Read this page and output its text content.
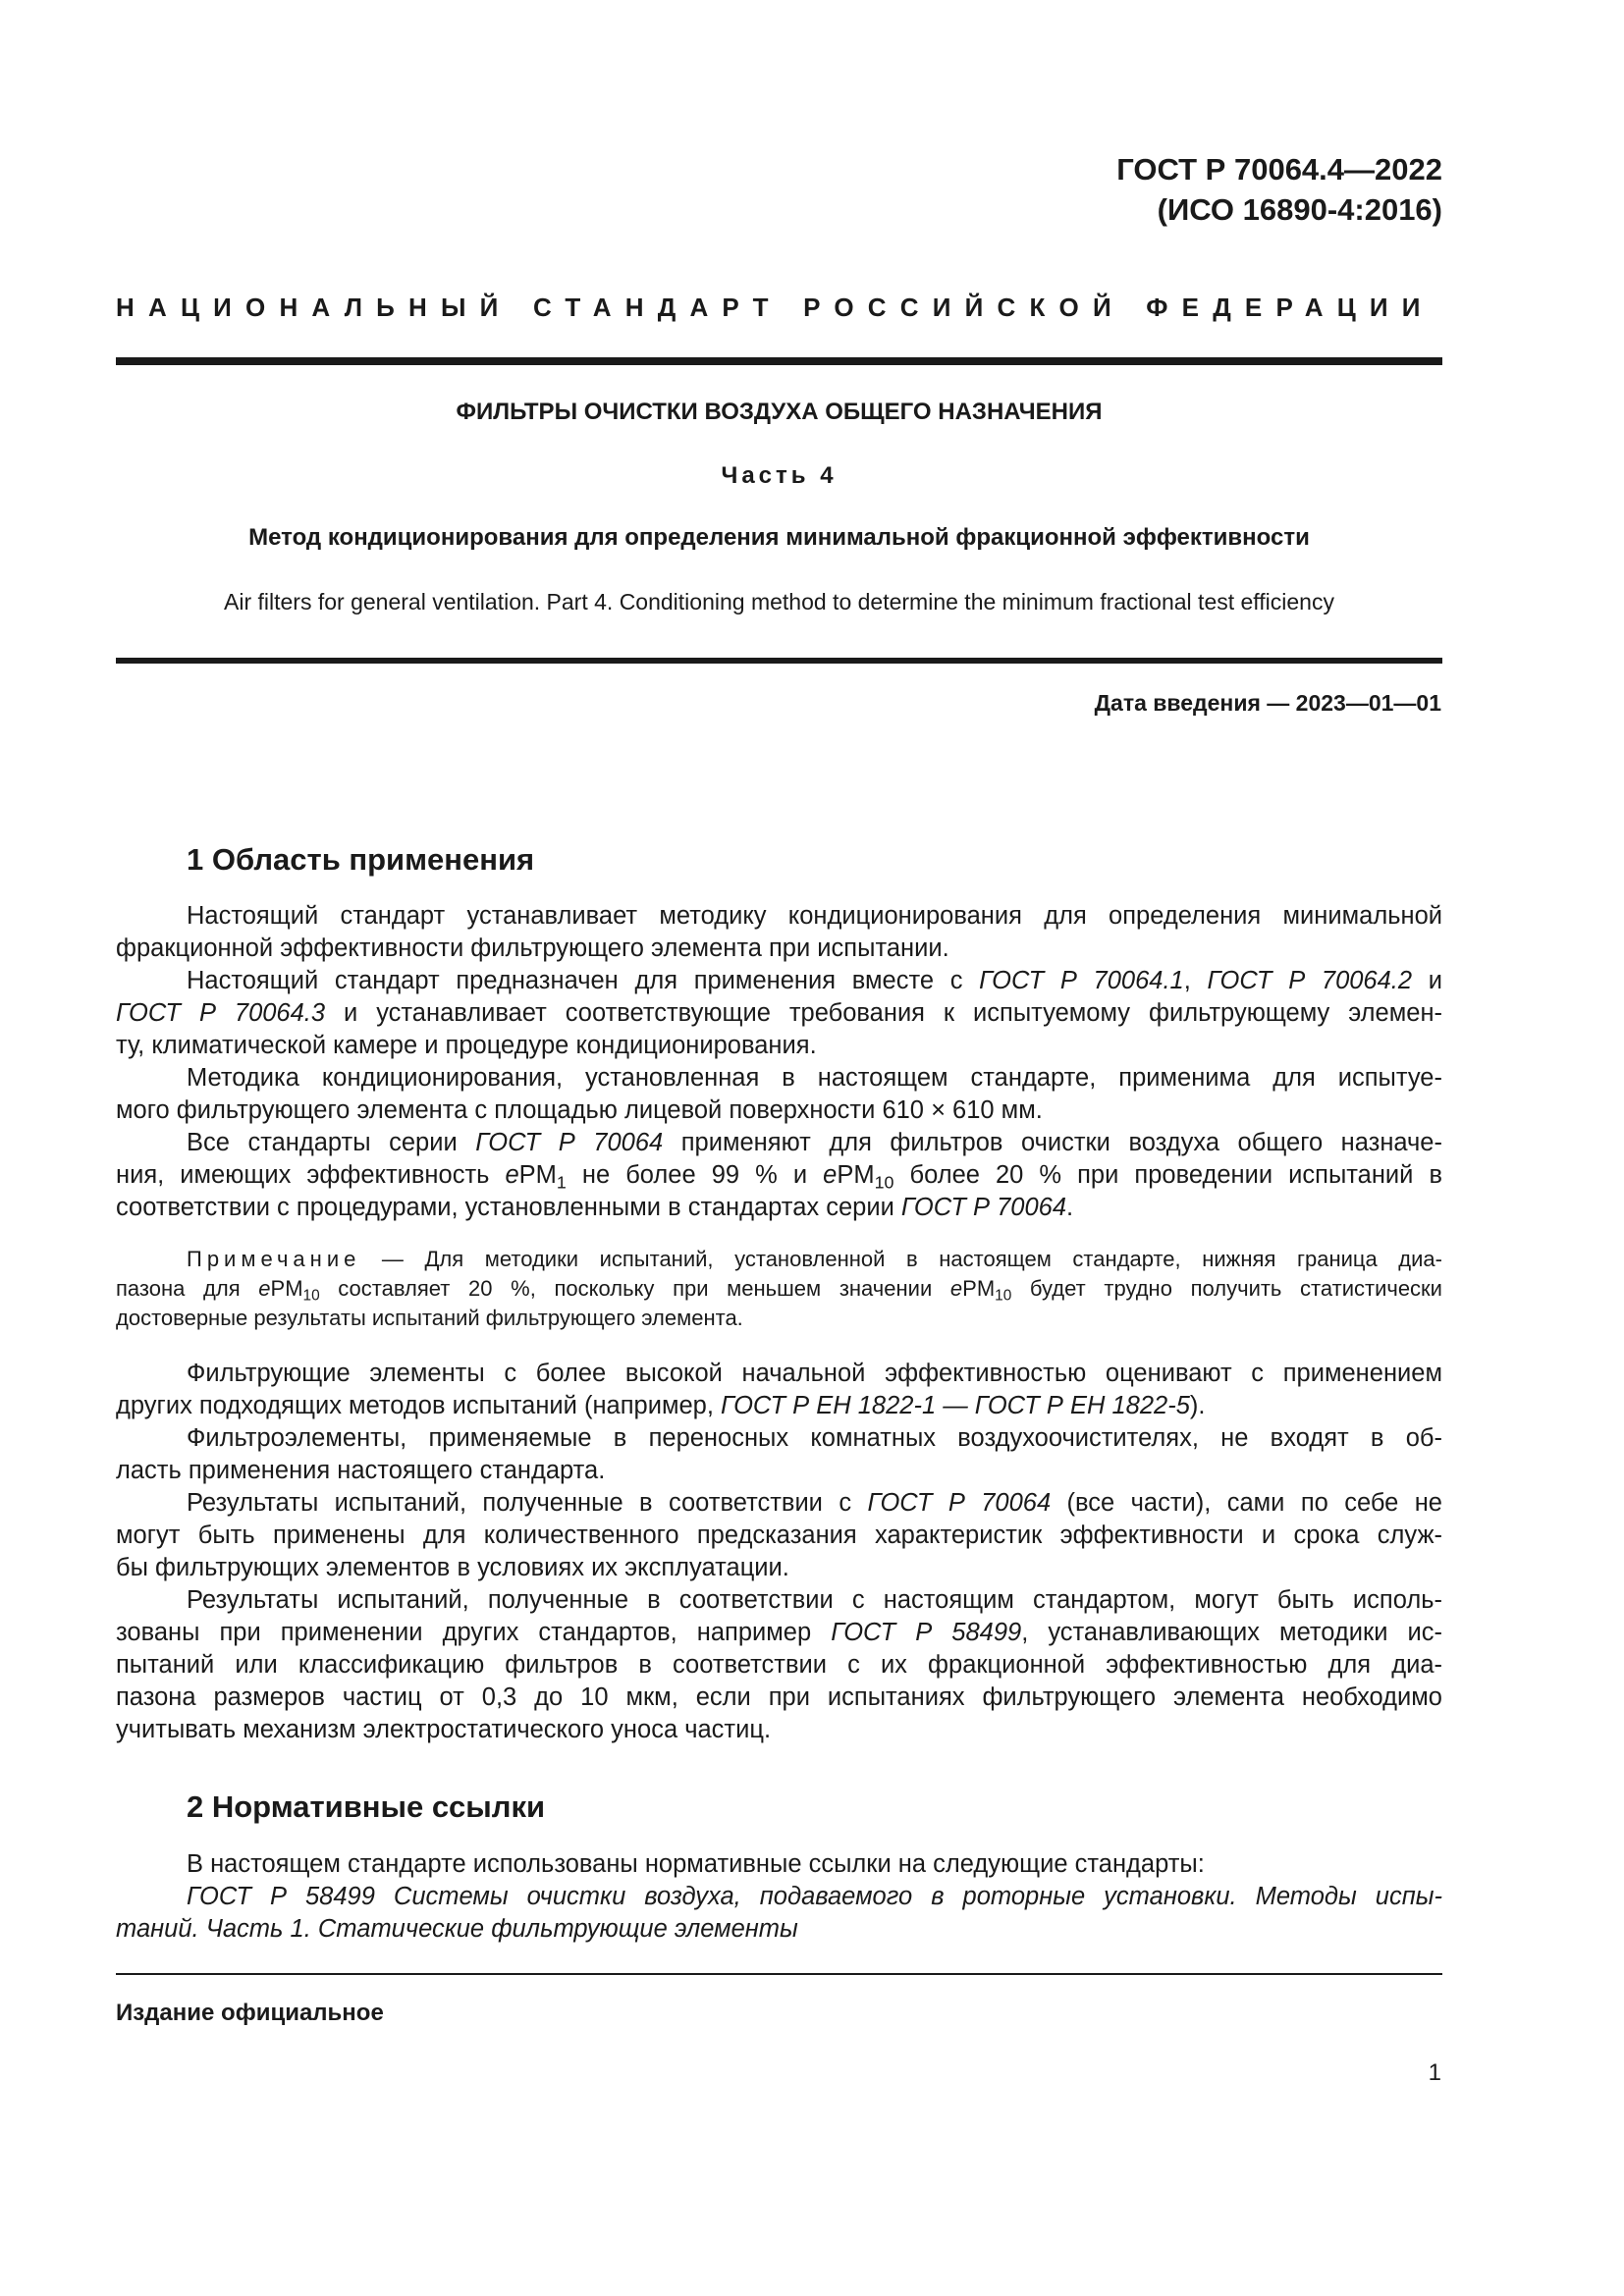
ГОСТ Р 70064.4—2022
(ИСО 16890-4:2016)
НАЦИОНАЛЬНЫЙ СТАНДАРТ РОССИЙСКОЙ ФЕДЕРАЦИИ
ФИЛЬТРЫ ОЧИСТКИ ВОЗДУХА ОБЩЕГО НАЗНАЧЕНИЯ
Часть 4
Метод кондиционирования для определения минимальной фракционной эффективности
Air filters for general ventilation. Part 4. Conditioning method to determine the minimum fractional test efficiency
Дата введения — 2023—01—01
1 Область применения
Настоящий стандарт устанавливает методику кондиционирования для определения минимальной
фракционной эффективности фильтрующего элемента при испытании.
Настоящий стандарт предназначен для применения вместе с ГОСТ Р 70064.1, ГОСТ Р 70064.2 и
ГОСТ Р 70064.3 и устанавливает соответствующие требования к испытуемому фильтрующему элемен-
ту, климатической камере и процедуре кондиционирования.
Методика кондиционирования, установленная в настоящем стандарте, применима для испытуе-
мого фильтрующего элемента с площадью лицевой поверхности 610 × 610 мм.
Все стандарты серии ГОСТ Р 70064 применяют для фильтров очистки воздуха общего назначе-
ния, имеющих эффективность ePM$_1$ не более 99 % и ePM$_{10}$ более 20 % при проведении испытаний в
соответствии с процедурами, установленными в стандартах серии ГОСТ Р 70064.
Примечание — Для методики испытаний, установленной в настоящем стандарте, нижняя граница диа-
пазона для ePM$_{10}$ составляет 20 %, поскольку при меньшем значении ePM$_{10}$ будет трудно получить статистически
достоверные результаты испытаний фильтрующего элемента.
Фильтрующие элементы с более высокой начальной эффективностью оценивают с применением
других подходящих методов испытаний (например, ГОСТ Р ЕН 1822-1 — ГОСТ Р ЕН 1822-5).
Фильтроэлементы, применяемые в переносных комнатных воздухоочистителях, не входят в об-
ласть применения настоящего стандарта.
Результаты испытаний, полученные в соответствии с ГОСТ Р 70064 (все части), сами по себе не
могут быть применены для количественного предсказания характеристик эффективности и срока служ-
бы фильтрующих элементов в условиях их эксплуатации.
Результаты испытаний, полученные в соответствии с настоящим стандартом, могут быть исполь-
зованы при применении других стандартов, например ГОСТ Р 58499, устанавливающих методики ис-
пытаний или классификацию фильтров в соответствии с их фракционной эффективностью для диа-
пазона размеров частиц от 0,3 до 10 мкм, если при испытаниях фильтрующего элемента необходимо
учитывать механизм электростатического уноса частиц.
2 Нормативные ссылки
В настоящем стандарте использованы нормативные ссылки на следующие стандарты:
ГОСТ Р 58499 Системы очистки воздуха, подаваемого в роторные установки. Методы испы-
таний. Часть 1. Статические фильтрующие элементы
Издание официальное
1
